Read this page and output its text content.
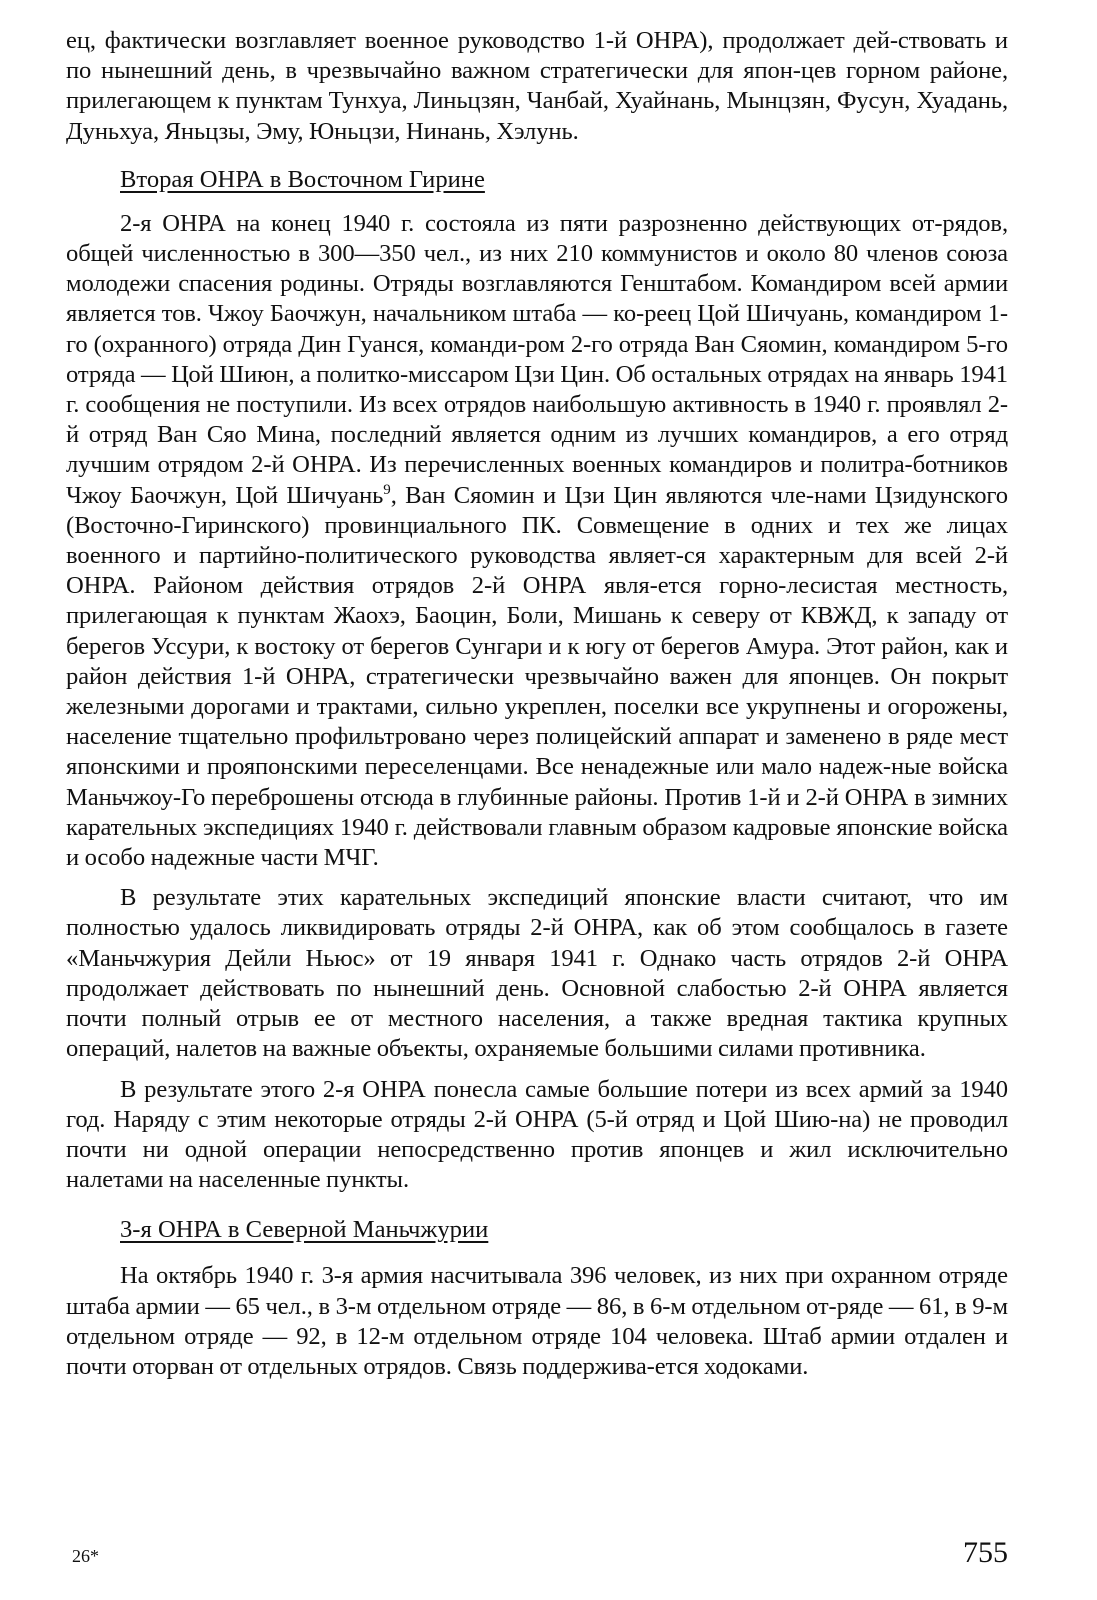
ец, фактически возглавляет военное руководство 1-й ОНРА), продолжает дей-ствовать и по нынешний день, в чрезвычайно важном стратегически для япон-цев горном районе, прилегающем к пунктам Тунхуа, Линьцзян, Чанбай, Хуайнань, Мынцзян, Фусун, Хуадань, Дуньхуа, Яньцзы, Эму, Юньцзи, Нинань, Хэлунь.

Вторая ОНРА в Восточном Гирине

2-я ОНРА на конец 1940 г. состояла из пяти разрозненно действующих от-рядов, общей численностью в 300—350 чел., из них 210 коммунистов и около 80 членов союза молодежи спасения родины. Отряды возглавляются Генштабом. Командиром всей армии является тов. Чжоу Баочжун, начальником штаба — ко-реец Цой Шичуань, командиром 1-го (охранного) отряда Дин Гуанся, команди-ром 2-го отряда Ван Сяомин, командиром 5-го отряда — Цой Шиюн, а политко-миссаром Цзи Цин. Об остальных отрядах на январь 1941 г. сообщения не поступили. Из всех отрядов наибольшую активность в 1940 г. проявлял 2-й отряд Ван Сяо Мина, последний является одним из лучших командиров, а его отряд лучшим отрядом 2-й ОНРА. Из перечисленных военных командиров и политра-ботников Чжоу Баочжун, Цой Шичуань$^9$, Ван Сяомин и Цзи Цин являются чле-нами Цзидунского (Восточно-Гиринского) провинциального ПК. Совмещение в одних и тех же лицах военного и партийно-политического руководства являет-ся характерным для всей 2-й ОНРА. Районом действия отрядов 2-й ОНРА явля-ется горно-лесистая местность, прилегающая к пунктам Жаохэ, Баоцин, Боли, Мишань к северу от КВЖД, к западу от берегов Уссури, к востоку от берегов Сунгари и к югу от берегов Амура. Этот район, как и район действия 1-й ОНРА, стратегически чрезвычайно важен для японцев. Он покрыт железными дорогами и трактами, сильно укреплен, поселки все укрупнены и огорожены, население тщательно профильтровано через полицейский аппарат и заменено в ряде мест японскими и прояпонскими переселенцами. Все ненадежные или мало надеж-ные войска Маньчжоу-Го переброшены отсюда в глубинные районы. Против 1-й и 2-й ОНРА в зимних карательных экспедициях 1940 г. действовали главным образом кадровые японские войска и особо надежные части МЧГ.

В результате этих карательных экспедиций японские власти считают, что им полностью удалось ликвидировать отряды 2-й ОНРА, как об этом сообщалось в газете «Маньчжурия Дейли Ньюс» от 19 января 1941 г. Однако часть отрядов 2-й ОНРА продолжает действовать по нынешний день. Основной слабостью 2-й ОНРА является почти полный отрыв ее от местного населения, а также вредная тактика крупных операций, налетов на важные объекты, охраняемые большими силами противника.

В результате этого 2-я ОНРА понесла самые большие потери из всех армий за 1940 год. Наряду с этим некоторые отряды 2-й ОНРА (5-й отряд и Цой Шию-на) не проводил почти ни одной операции непосредственно против японцев и жил исключительно налетами на населенные пункты.

3-я ОНРА в Северной Маньчжурии

На октябрь 1940 г. 3-я армия насчитывала 396 человек, из них при охранном отряде штаба армии — 65 чел., в 3-м отдельном отряде — 86, в 6-м отдельном от-ряде — 61, в 9-м отдельном отряде — 92, в 12-м отдельном отряде 104 человека. Штаб армии отдален и почти оторван от отдельных отрядов. Связь поддержива-ется ходоками.

26*	755
